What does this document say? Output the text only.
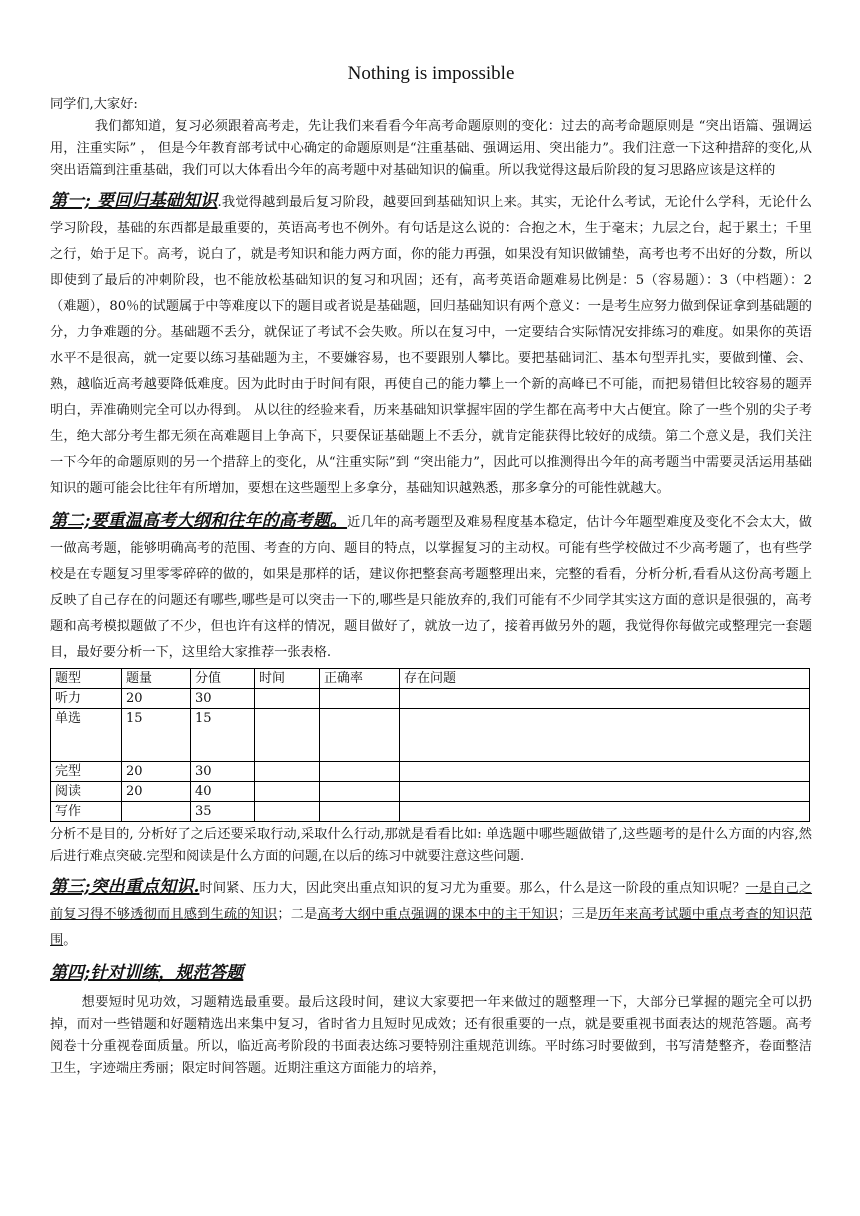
Nothing is impossible

同学们,大家好:

我们都知道，复习必须跟着高考走，先让我们来看看今年高考命题原则的变化：过去的高考命题原则是 “突出语篇、强调运用，注重实际” ， 但是今年教育部考试中心确定的命题原则是“注重基础、强调运用、突出能力”。我们注意一下这种措辞的变化,从突出语篇到注重基础，我们可以大体看出今年的高考题中对基础知识的偏重。所以我觉得这最后阶段的复习思路应该是这样的

第一; 要回归基础知识.我觉得越到最后复习阶段，越要回到基础知识上来。其实，无论什么考试，无论什么学科，无论什么学习阶段，基础的东西都是最重要的，英语高考也不例外。有句话是这么说的：合抱之木，生于毫末；九层之台，起于累土；千里之行，始于足下。高考，说白了，就是考知识和能力两方面，你的能力再强，如果没有知识做铺垫，高考也考不出好的分数，所以即使到了最后的冲刺阶段，也不能放松基础知识的复习和巩固；还有，高考英语命题难易比例是：5（容易题）：3（中档题）：2（难题），80％的试题属于中等难度以下的题目或者说是基础题，回归基础知识有两个意义：一是考生应努力做到保证拿到基础题的分，力争难题的分。基础题不丢分，就保证了考试不会失败。所以在复习中，一定要结合实际情况安排练习的难度。如果你的英语水平不是很高，就一定要以练习基础题为主，不要嫌容易，也不要跟别人攀比。要把基础词汇、基本句型弄扎实，要做到懂、会、熟，越临近高考越要降低难度。因为此时由于时间有限，再使自己的能力攀上一个新的高峰已不可能，而把易错但比较容易的题弄明白，弄准确则完全可以办得到。 从以往的经验来看，历来基础知识掌握牢固的学生都在高考中大占便宜。除了一些个别的尖子考生，绝大部分考生都无须在高难题目上争高下，只要保证基础题上不丢分，就肯定能获得比较好的成绩。第二个意义是，我们关注一下今年的命题原则的另一个措辞上的变化，从“注重实际”到 “突出能力”，因此可以推测得出今年的高考题当中需要灵活运用基础知识的题可能会比往年有所增加，要想在这些题型上多拿分，基础知识越熟悉，那多拿分的可能性就越大。

第二;要重温高考大纲和往年的高考题。近几年的高考题型及难易程度基本稳定，估计今年题型难度及变化不会太大，做一做高考题，能够明确高考的范围、考查的方向、题目的特点，以掌握复习的主动权。可能有些学校做过不少高考题了，也有些学校是在专题复习里零零碎碎的做的，如果是那样的话，建议你把整套高考题整理出来，完整的看看，分析分析,看看从这份高考题上反映了自己存在的问题还有哪些,哪些是可以突击一下的,哪些是只能放弃的,我们可能有不少同学其实这方面的意识是很强的，高考题和高考模拟题做了不少，但也许有这样的情况，题目做好了，就放一边了，接着再做另外的题，我觉得你每做完或整理完一套题目，最好要分析一下，这里给大家推荐一张表格.

题型	题量	分值	时间	正确率	存在问题
听力	20	30			
单选	15	15			
完型	20	30			
阅读	20	40			
写作		35			

分析不是目的, 分析好了之后还要采取行动,采取什么行动,那就是看看比如: 单选题中哪些题做错了,这些题考的是什么方面的内容,然后进行难点突破.完型和阅读是什么方面的问题,在以后的练习中就要注意这些问题.

第三;突出重点知识.时间紧、压力大，因此突出重点知识的复习尤为重要。那么，什么是这一阶段的重点知识呢？一是自己之前复习得不够透彻而且感到生疏的知识；二是高考大纲中重点强调的课本中的主干知识；三是历年来高考试题中重点考查的知识范围。

第四;针对训练，规范答题

想要短时见功效，习题精选最重要。最后这段时间，建议大家要把一年来做过的题整理一下，大部分已掌握的题完全可以扔掉，而对一些错题和好题精选出来集中复习，省时省力且短时见成效；还有很重要的一点，就是要重视书面表达的规范答题。高考阅卷十分重视卷面质量。所以，临近高考阶段的书面表达练习要特别注重规范训练。平时练习时要做到，书写清楚整齐，卷面整洁卫生，字迹端庄秀丽；限定时间答题。近期注重这方面能力的培养，
